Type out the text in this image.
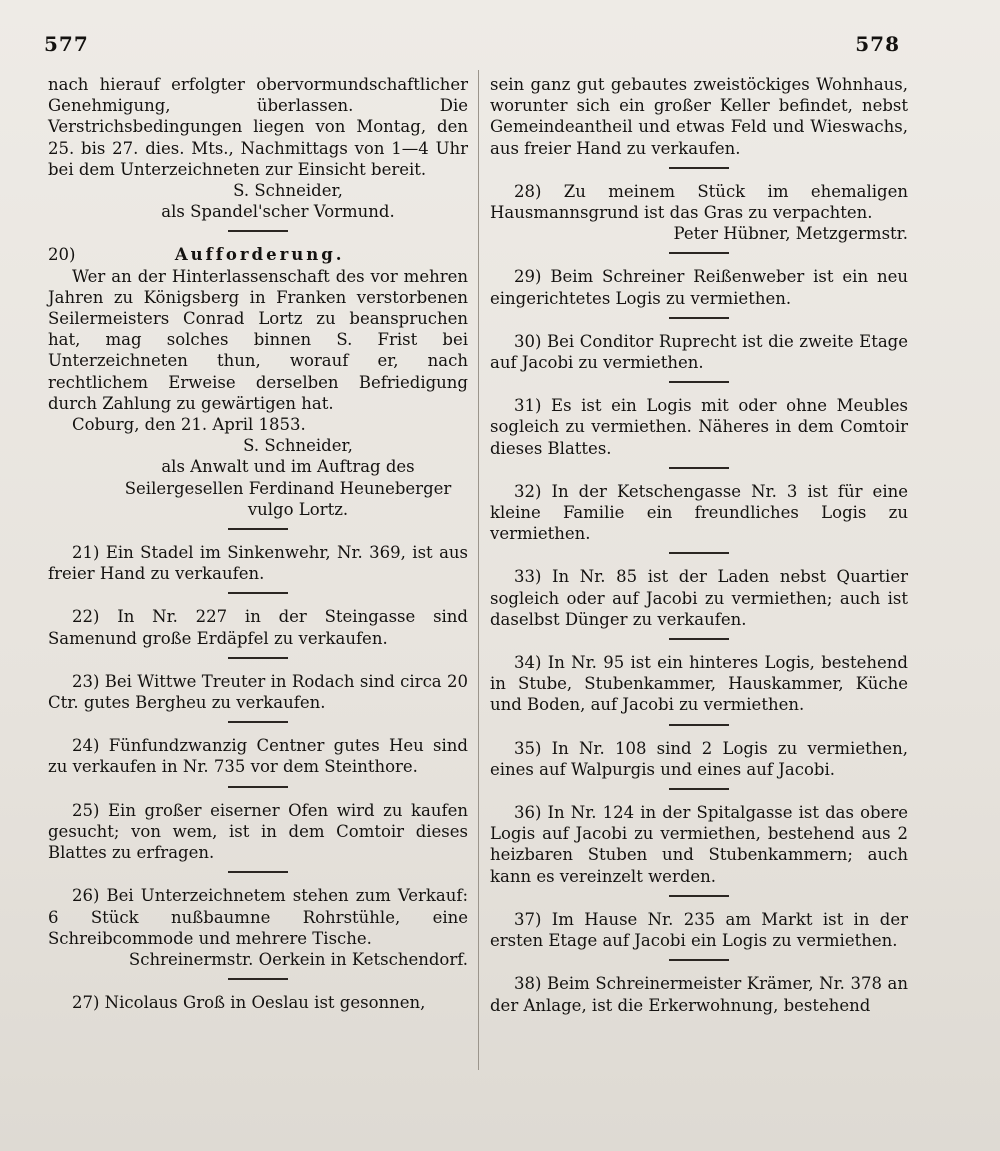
577	578

nach hierauf erfolgter obervormundschaftlicher Genehmigung, überlassen. Die Verstrichsbedingungen liegen von Montag, den 25. bis 27. dies. Mts., Nachmittags von 1—4 Uhr bei dem Unterzeichneten zur Einsicht bereit.

S. Schneider,

als Spandel'scher Vormund.

20)	Aufforderung.

Wer an der Hinterlassenschaft des vor mehren Jahren zu Königsberg in Franken verstorbenen Seilermeisters Conrad Lortz zu beanspruchen hat, mag solches binnen S. Frist bei Unterzeichneten thun, worauf er, nach rechtlichem Erweise derselben Befriedigung durch Zahlung zu gewärtigen hat.

Coburg, den 21. April 1853.

S. Schneider,

als Anwalt und im Auftrag des Seilergesellen Ferdinand Heuneberger

vulgo Lortz.

21) Ein Stadel im Sinkenwehr, Nr. 369, ist aus freier Hand zu verkaufen.

22) In Nr. 227 in der Steingasse sind Samenund große Erdäpfel zu verkaufen.

23) Bei Wittwe Treuter in Rodach sind circa 20 Ctr. gutes Bergheu zu verkaufen.

24) Fünfundzwanzig Centner gutes Heu sind zu verkaufen in Nr. 735 vor dem Steinthore.

25) Ein großer eiserner Ofen wird zu kaufen gesucht; von wem, ist in dem Comtoir dieses Blattes zu erfragen.

26) Bei Unterzeichnetem stehen zum Verkauf: 6 Stück nußbaumne Rohrstühle, eine Schreibcommode und mehrere Tische.

Schreinermstr. Oerkein in Ketschendorf.

27) Nicolaus Groß in Oeslau ist gesonnen,

sein ganz gut gebautes zweistöckiges Wohnhaus, worunter sich ein großer Keller befindet, nebst Gemeindeantheil und etwas Feld und Wieswachs, aus freier Hand zu verkaufen.

28) Zu meinem Stück im ehemaligen Hausmannsgrund ist das Gras zu verpachten.

Peter Hübner, Metzgermstr.

29) Beim Schreiner Reißenweber ist ein neu eingerichtetes Logis zu vermiethen.

30) Bei Conditor Ruprecht ist die zweite Etage auf Jacobi zu vermiethen.

31) Es ist ein Logis mit oder ohne Meubles sogleich zu vermiethen. Näheres in dem Comtoir dieses Blattes.

32) In der Ketschengasse Nr. 3 ist für eine kleine Familie ein freundliches Logis zu vermiethen.

33) In Nr. 85 ist der Laden nebst Quartier sogleich oder auf Jacobi zu vermiethen; auch ist daselbst Dünger zu verkaufen.

34) In Nr. 95 ist ein hinteres Logis, bestehend in Stube, Stubenkammer, Hauskammer, Küche und Boden, auf Jacobi zu vermiethen.

35) In Nr. 108 sind 2 Logis zu vermiethen, eines auf Walpurgis und eines auf Jacobi.

36) In Nr. 124 in der Spitalgasse ist das obere Logis auf Jacobi zu vermiethen, bestehend aus 2 heizbaren Stuben und Stubenkammern; auch kann es vereinzelt werden.

37) Im Hause Nr. 235 am Markt ist in der ersten Etage auf Jacobi ein Logis zu vermiethen.

38) Beim Schreinermeister Krämer, Nr. 378 an der Anlage, ist die Erkerwohnung, bestehend
